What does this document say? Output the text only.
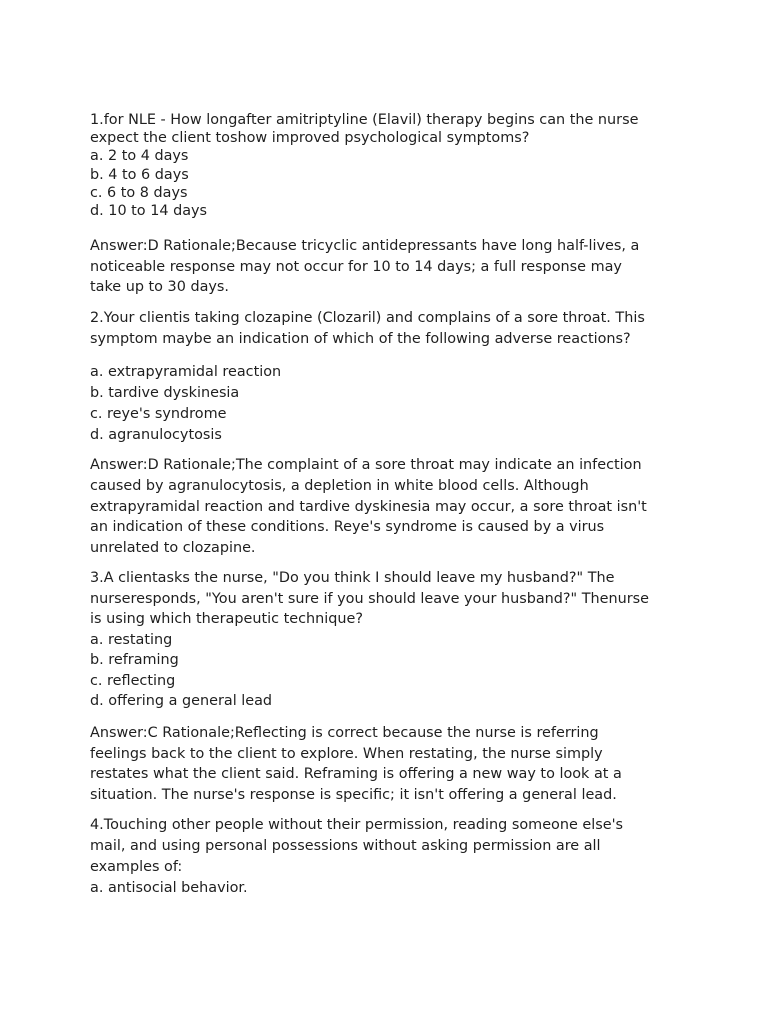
1.for NLE - How longafter amitriptyline (Elavil) therapy begins can the nurse
expect the client toshow improved psychological symptoms?
a. 2 to 4 days
b. 4 to 6 days
c. 6 to 8 days
d. 10 to 14 days
Answer:D Rationale;Because tricyclic antidepressants have long half-lives, a
noticeable response may not occur for 10 to 14 days; a full response may
take up to 30 days.
2.Your clientis taking clozapine (Clozaril) and complains of a sore throat. This
symptom maybe an indication of which of the following adverse reactions?
a. extrapyramidal reaction
b. tardive dyskinesia
c. reye's syndrome
d. agranulocytosis
Answer:D Rationale;The complaint of a sore throat may indicate an infection
caused by agranulocytosis, a depletion in white blood cells. Although
extrapyramidal reaction and tardive dyskinesia may occur, a sore throat isn't
an indication of these conditions. Reye's syndrome is caused by a virus
unrelated to clozapine.
3.A clientasks the nurse, "Do you think I should leave my husband?" The
nurseresponds, "You aren't sure if you should leave your husband?" Thenurse
is using which therapeutic technique?
a. restating
b. reframing
c. reflecting
d. offering a general lead
Answer:C Rationale;Reflecting is correct because the nurse is referring
feelings back to the client to explore. When restating, the nurse simply
restates what the client said. Reframing is offering a new way to look at a
situation. The nurse's response is specific; it isn't offering a general lead.
4.Touching other people without their permission, reading someone else's
mail, and using personal possessions without asking permission are all
examples of:
a. antisocial behavior.
